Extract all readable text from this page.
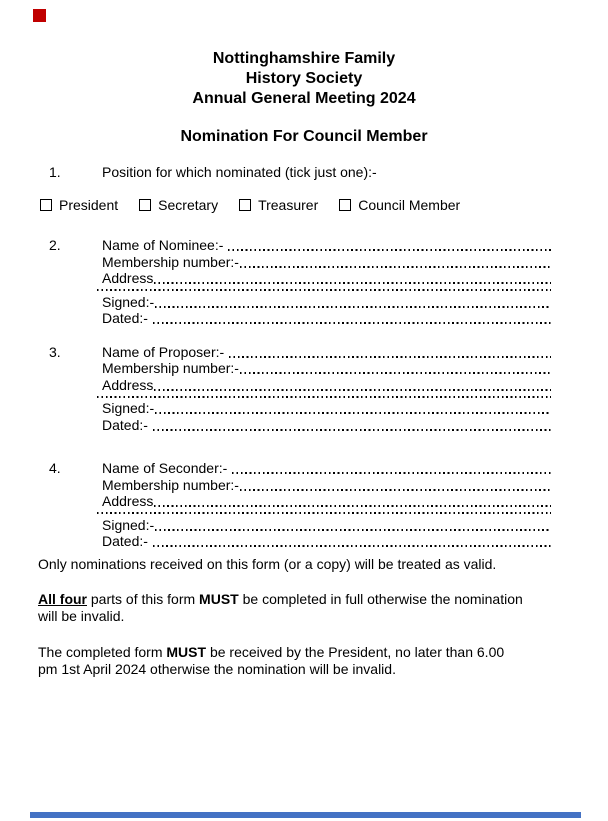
Nottinghamshire Family
History Society
Annual General Meeting 2024
Nomination For Council Member
1.	Position for which nominated (tick just one):-
President	Secretary	Treasurer	Council Member
2.	Name of Nominee:-
Membership number:-
Address
Signed:-
Dated:-
3.	Name of Proposer:-
Membership number:-
Address
Signed:-
Dated:-
4.	Name of Seconder:-
Membership number:-
Address
Signed:-
Dated:-
Only nominations received on this form (or a copy) will be treated as valid.
All four parts of this form MUST be completed in full otherwise the nomination
will be invalid.
The completed form MUST be received by the President, no later than 6.00
pm 1st April 2024 otherwise the nomination will be invalid.
